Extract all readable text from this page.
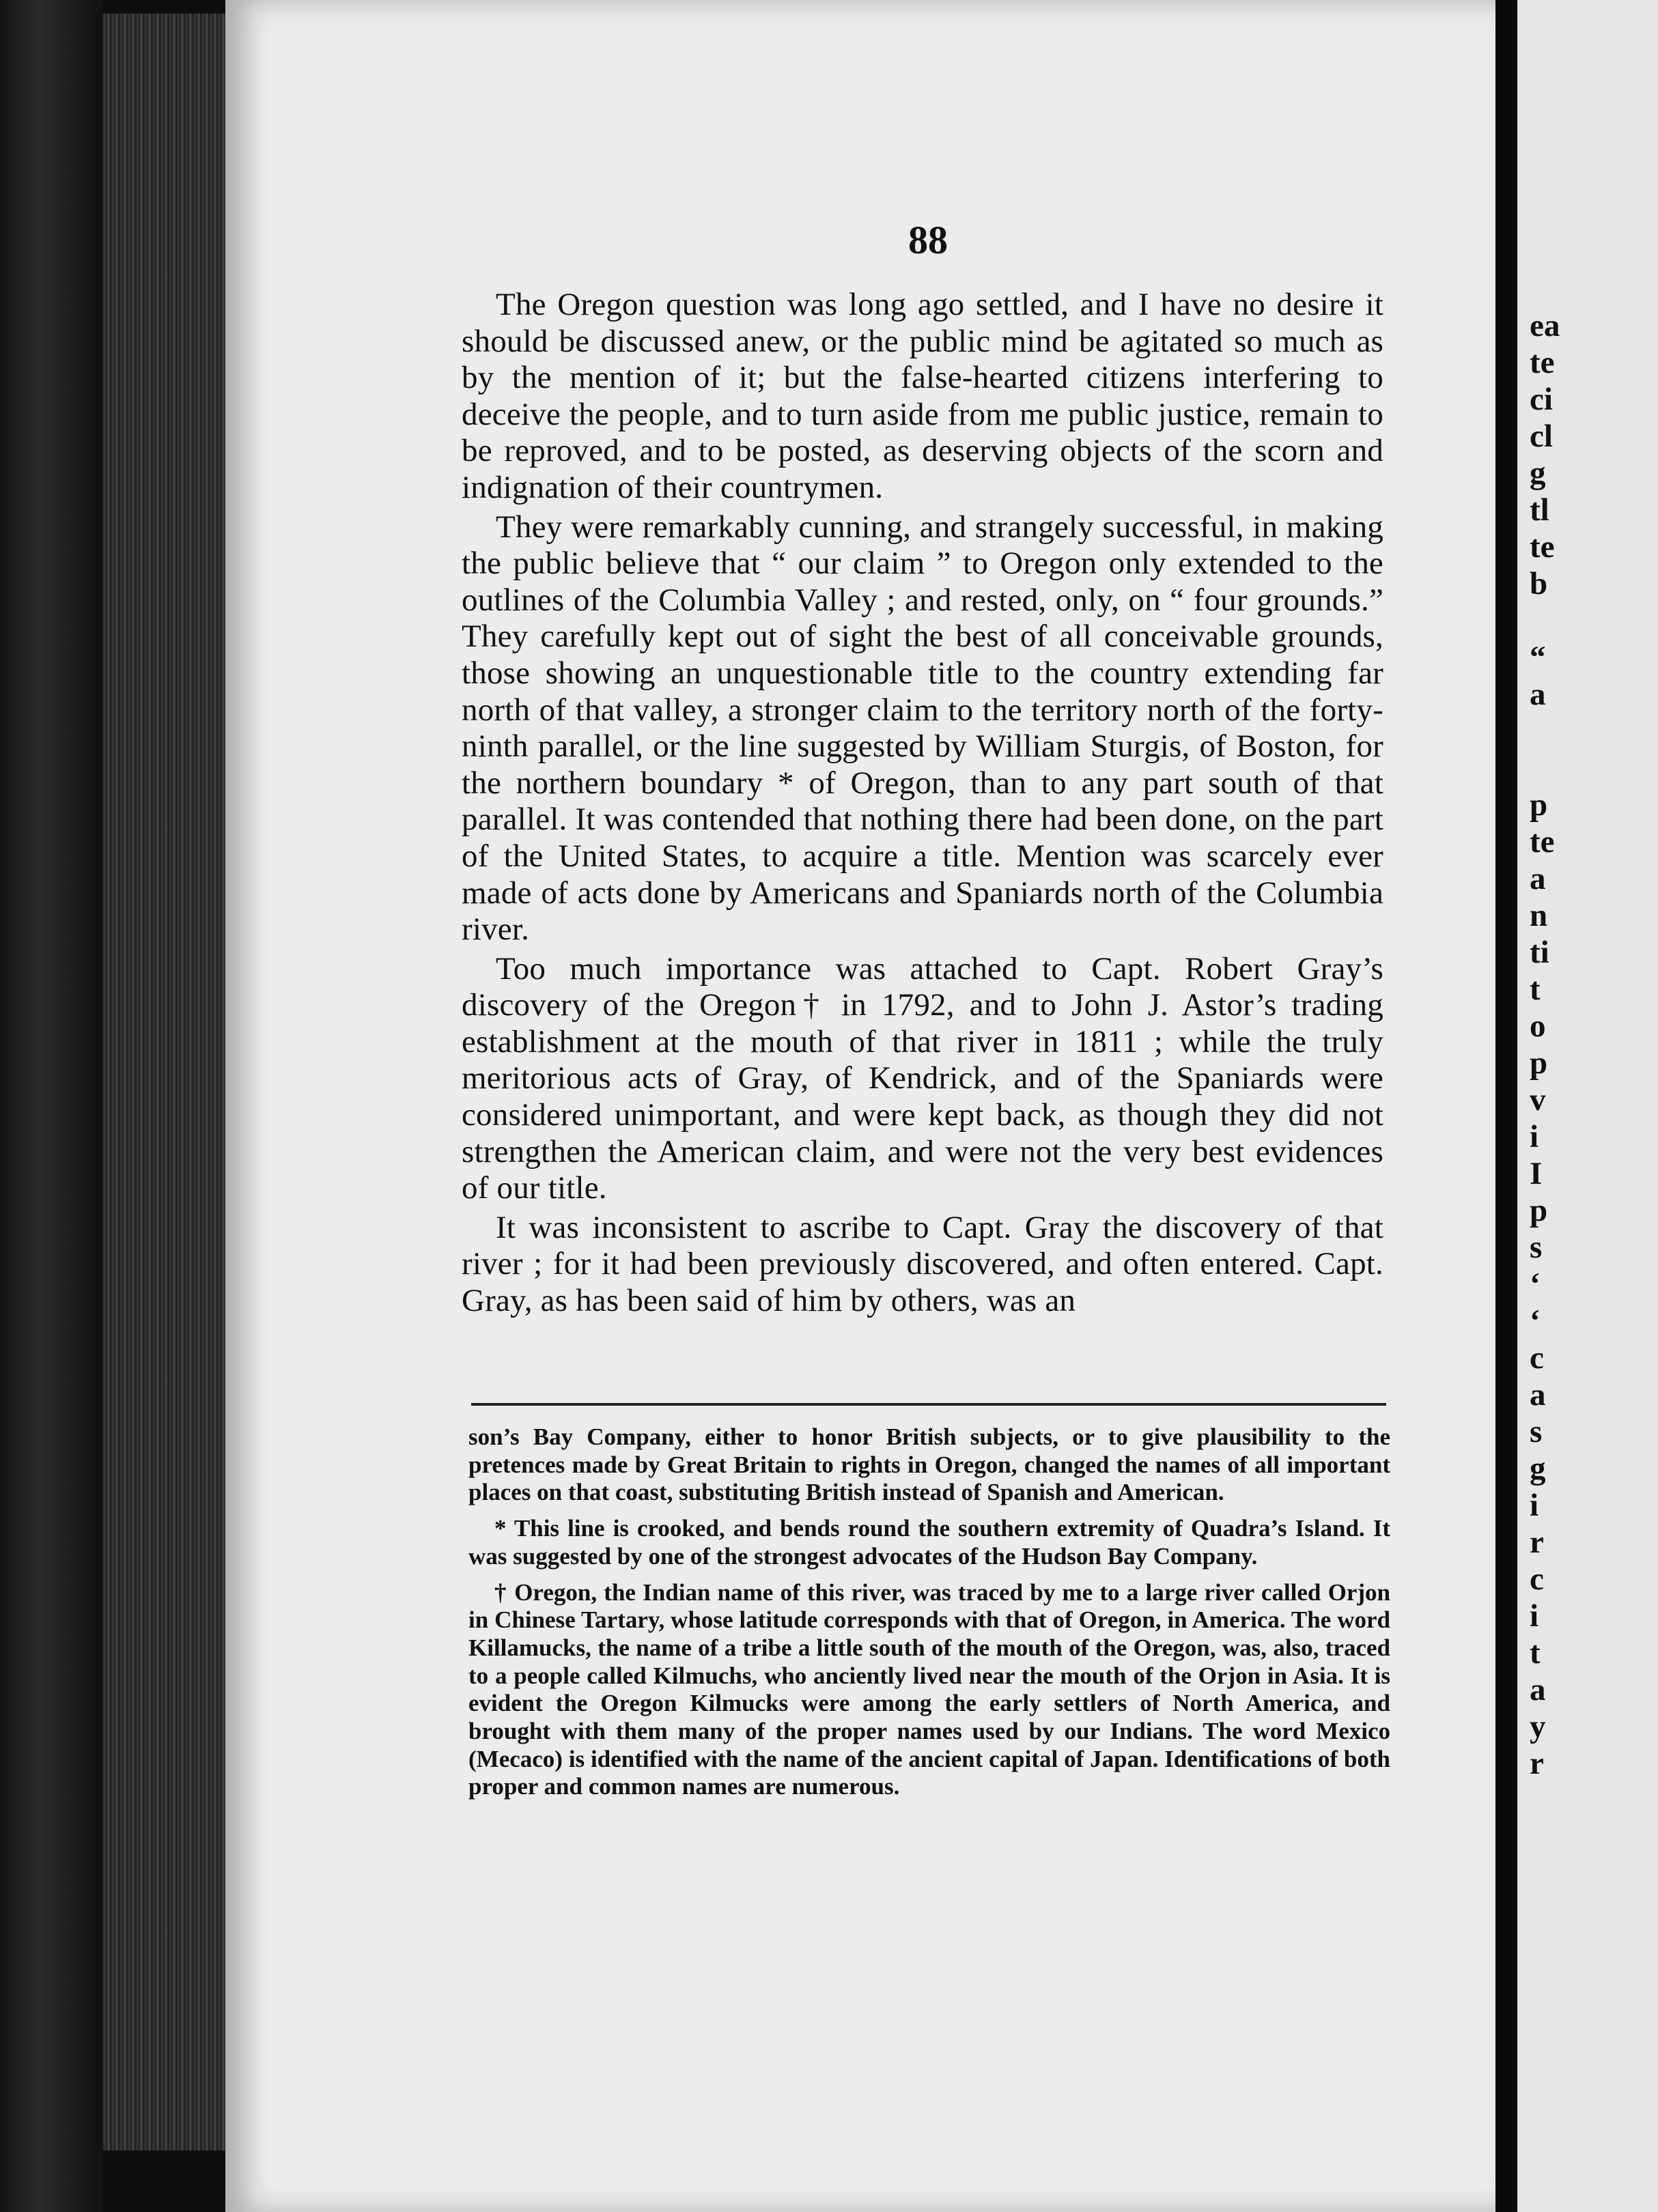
88

The Oregon question was long ago settled, and I have no desire it should be discussed anew, or the public mind be agitated so much as by the mention of it; but the false-hearted citizens interfering to deceive the people, and to turn aside from me public justice, remain to be reproved, and to be posted, as deserving objects of the scorn and indignation of their countrymen.

They were remarkably cunning, and strangely successful, in making the public believe that “ our claim ” to Oregon only extended to the outlines of the Columbia Valley ; and rested, only, on “ four grounds.” They carefully kept out of sight the best of all conceivable grounds, those showing an unquestionable title to the country extending far north of that valley, a stronger claim to the territory north of the forty-ninth parallel, or the line suggested by William Sturgis, of Boston, for the northern boundary * of Oregon, than to any part south of that parallel. It was contended that nothing there had been done, on the part of the United States, to acquire a title. Mention was scarcely ever made of acts done by Americans and Spaniards north of the Columbia river.

Too much importance was attached to Capt. Robert Gray’s discovery of the Oregon† in 1792, and to John J. Astor’s trading establishment at the mouth of that river in 1811 ; while the truly meritorious acts of Gray, of Kendrick, and of the Spaniards were considered unimportant, and were kept back, as though they did not strengthen the American claim, and were not the very best evidences of our title.

It was inconsistent to ascribe to Capt. Gray the discovery of that river ; for it had been previously discovered, and often entered. Capt. Gray, as has been said of him by others, was an

son’s Bay Company, either to honor British subjects, or to give plausibility to the pretences made by Great Britain to rights in Oregon, changed the names of all important places on that coast, substituting British instead of Spanish and American.

* This line is crooked, and bends round the southern extremity of Quadra’s Island. It was suggested by one of the strongest advocates of the Hudson Bay Company.

† Oregon, the Indian name of this river, was traced by me to a large river called Orjon in Chinese Tartary, whose latitude corresponds with that of Oregon, in America. The word Killamucks, the name of a tribe a little south of the mouth of the Oregon, was, also, traced to a people called Kilmuchs, who anciently lived near the mouth of the Orjon in Asia. It is evident the Oregon Kilmucks were among the early settlers of North America, and brought with them many of the proper names used by our Indians. The word Mexico (Mecaco) is identified with the name of the ancient capital of Japan. Identifications of both proper and common names are numerous.

ea
te
ci
cl
g
tl
te
b
“
a
p
te
a
n
ti
t
o
p
v
i
I
p
s
‘
‘
c
a
s
g
i
r
c
i
t
a
y
r
